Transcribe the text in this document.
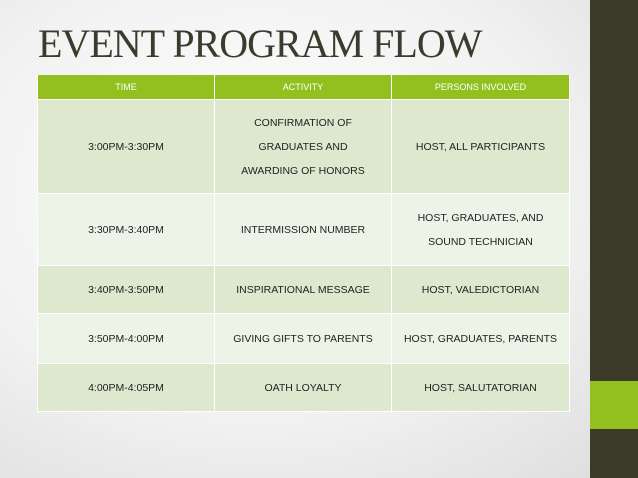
EVENT PROGRAM FLOW
TIME	ACTIVITY	PERSONS INVOLVED
3:00PM-3:30PM	CONFIRMATION OF GRADUATES AND AWARDING OF HONORS	HOST, ALL PARTICIPANTS
3:30PM-3:40PM	INTERMISSION NUMBER	HOST, GRADUATES, AND SOUND TECHNICIAN
3:40PM-3:50PM	INSPIRATIONAL MESSAGE	HOST, VALEDICTORIAN
3:50PM-4:00PM	GIVING GIFTS TO PARENTS	HOST, GRADUATES, PARENTS
4:00PM-4:05PM	OATH LOYALTY	HOST, SALUTATORIAN
